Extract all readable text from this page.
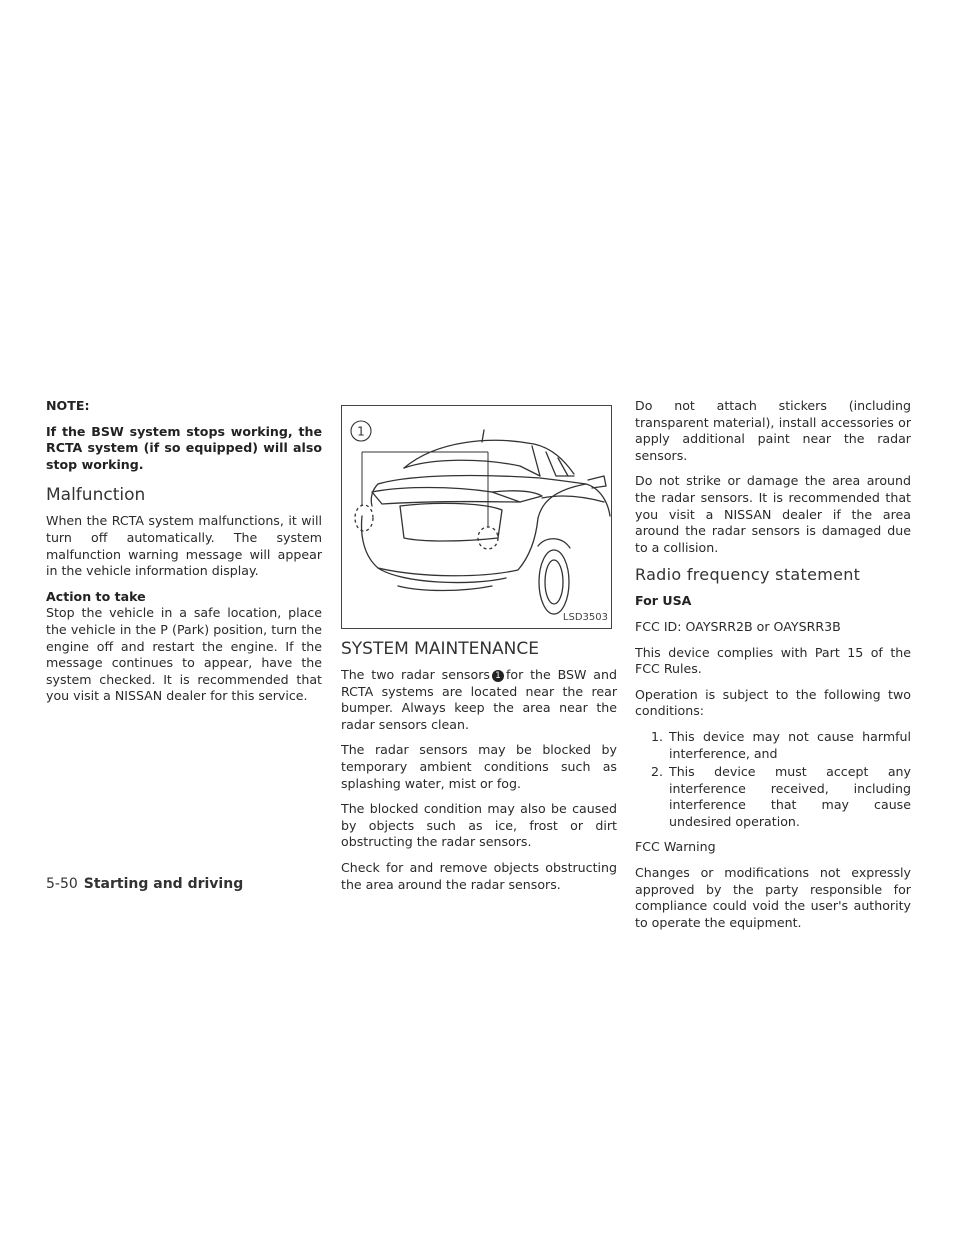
NOTE:

If the BSW system stops working, the RCTA system (if so equipped) will also stop working.

Malfunction

When the RCTA system malfunctions, it will turn off automatically. The system malfunction warning message will appear in the vehicle information display.

Action to take

Stop the vehicle in a safe location, place the vehicle in the P (Park) position, turn the engine off and restart the engine. If the message continues to appear, have the system checked. It is recommended that you visit a NISSAN dealer for this service.

1
LSD3503
SYSTEM MAINTENANCE

The two radar sensors 1 for the BSW and RCTA systems are located near the rear bumper. Always keep the area near the radar sensors clean.

The radar sensors may be blocked by temporary ambient conditions such as splashing water, mist or fog.

The blocked condition may also be caused by objects such as ice, frost or dirt obstructing the radar sensors.

Check for and remove objects obstructing the area around the radar sensors.

Do not attach stickers (including transparent material), install accessories or apply additional paint near the radar sensors.

Do not strike or damage the area around the radar sensors. It is recommended that you visit a NISSAN dealer if the area around the radar sensors is damaged due to a collision.

Radio frequency statement

For USA

FCC ID: OAYSRR2B or OAYSRR3B

This device complies with Part 15 of the FCC Rules.

Operation is subject to the following two conditions:

1. This device may not cause harmful interference, and
2. This device must accept any interference received, including interference that may cause undesired operation.

FCC Warning

Changes or modifications not expressly approved by the party responsible for compliance could void the user's authority to operate the equipment.

5-50 Starting and driving
